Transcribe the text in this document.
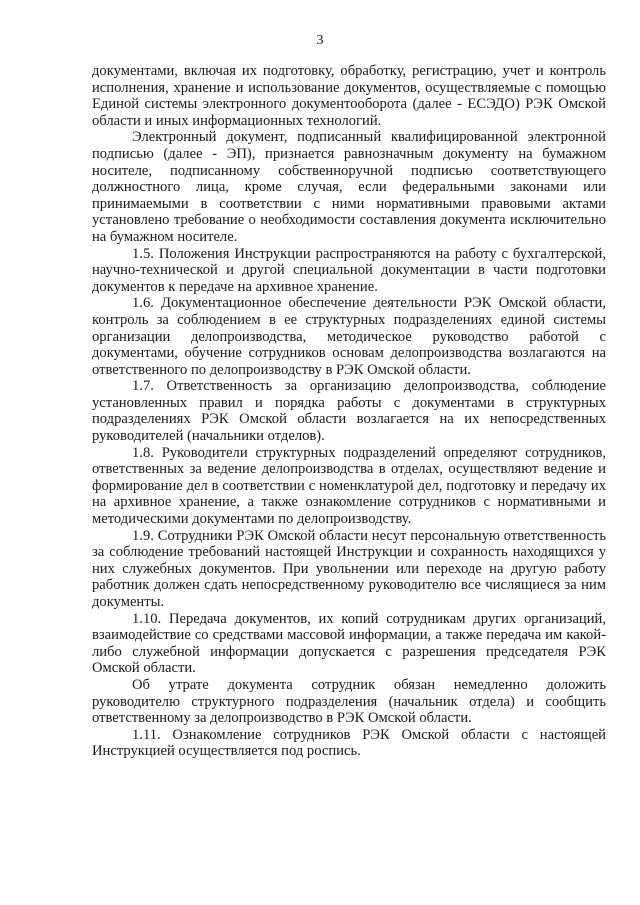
3

документами, включая их подготовку, обработку, регистрацию, учет и контроль исполнения, хранение и использование документов, осуществляемые с помощью Единой системы электронного документооборота (далее - ЕСЭДО) РЭК Омской области и иных информационных технологий.

Электронный документ, подписанный квалифицированной электронной подписью (далее - ЭП), признается равнозначным документу на бумажном носителе, подписанному собственноручной подписью соответствующего должностного лица, кроме случая, если федеральными законами или принимаемыми в соответствии с ними нормативными правовыми актами установлено требование о необходимости составления документа исключительно на бумажном носителе.

1.5. Положения Инструкции распространяются на работу с бухгалтерской, научно-технической и другой специальной документации в части подготовки документов к передаче на архивное хранение.

1.6. Документационное обеспечение деятельности РЭК Омской области, контроль за соблюдением в ее структурных подразделениях единой системы организации делопроизводства, методическое руководство работой с документами, обучение сотрудников основам делопроизводства возлагаются на ответственного по делопроизводству в РЭК Омской области.

1.7. Ответственность за организацию делопроизводства, соблюдение установленных правил и порядка работы с документами в структурных подразделениях РЭК Омской области возлагается на их непосредственных руководителей (начальники отделов).

1.8. Руководители структурных подразделений определяют сотрудников, ответственных за ведение делопроизводства в отделах, осуществляют ведение и формирование дел в соответствии с номенклатурой дел, подготовку и передачу их на архивное хранение, а также ознакомление сотрудников с нормативными и методическими документами по делопроизводству.

1.9. Сотрудники РЭК Омской области несут персональную ответственность за соблюдение требований настоящей Инструкции и сохранность находящихся у них служебных документов. При увольнении или переходе на другую работу работник должен сдать непосредственному руководителю все числящиеся за ним документы.

1.10. Передача документов, их копий сотрудникам других организаций, взаимодействие со средствами массовой информации, а также передача им какой-либо служебной информации допускается с разрешения председателя РЭК Омской области.

Об утрате документа сотрудник обязан немедленно доложить руководителю структурного подразделения (начальник отдела) и сообщить ответственному за делопроизводство в РЭК Омской области.

1.11. Ознакомление сотрудников РЭК Омской области с настоящей Инструкцией осуществляется под роспись.
